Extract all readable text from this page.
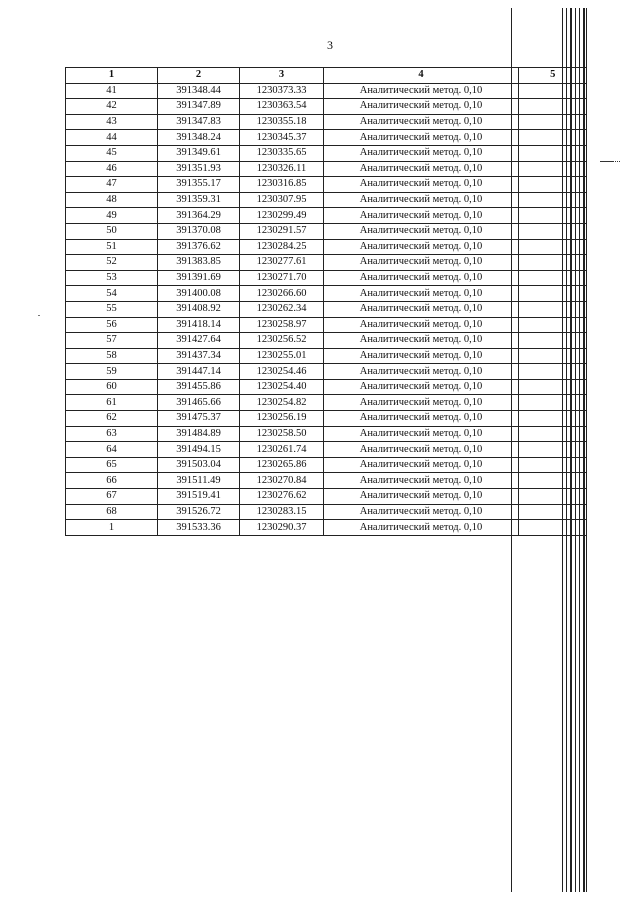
3
1	2	3	4	5
41	391348.44	1230373.33	Аналитический метод. 0,10	
42	391347.89	1230363.54	Аналитический метод. 0,10	
43	391347.83	1230355.18	Аналитический метод. 0,10	
44	391348.24	1230345.37	Аналитический метод. 0,10	
45	391349.61	1230335.65	Аналитический метод. 0,10	
46	391351.93	1230326.11	Аналитический метод. 0,10	
47	391355.17	1230316.85	Аналитический метод. 0,10	
48	391359.31	1230307.95	Аналитический метод. 0,10	
49	391364.29	1230299.49	Аналитический метод. 0,10	
50	391370.08	1230291.57	Аналитический метод. 0,10	
51	391376.62	1230284.25	Аналитический метод. 0,10	
52	391383.85	1230277.61	Аналитический метод. 0,10	
53	391391.69	1230271.70	Аналитический метод. 0,10	
54	391400.08	1230266.60	Аналитический метод. 0,10	
55	391408.92	1230262.34	Аналитический метод. 0,10	
56	391418.14	1230258.97	Аналитический метод. 0,10	
57	391427.64	1230256.52	Аналитический метод. 0,10	
58	391437.34	1230255.01	Аналитический метод. 0,10	
59	391447.14	1230254.46	Аналитический метод. 0,10	
60	391455.86	1230254.40	Аналитический метод. 0,10	
61	391465.66	1230254.82	Аналитический метод. 0,10	
62	391475.37	1230256.19	Аналитический метод. 0,10	
63	391484.89	1230258.50	Аналитический метод. 0,10	
64	391494.15	1230261.74	Аналитический метод. 0,10	
65	391503.04	1230265.86	Аналитический метод. 0,10	
66	391511.49	1230270.84	Аналитический метод. 0,10	
67	391519.41	1230276.62	Аналитический метод. 0,10	
68	391526.72	1230283.15	Аналитический метод. 0,10	
1	391533.36	1230290.37	Аналитический метод. 0,10	
